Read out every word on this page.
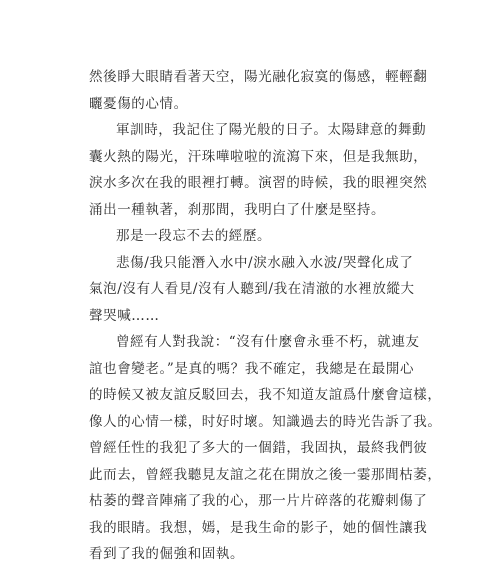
然後睜大眼睛看著天空，陽光融化寂寞的傷感，輕輕翻
曬憂傷的心情。
軍訓時，我記住了陽光般的日子。太陽肆意的舞動
囊火熱的陽光，汗珠嘩啦啦的流瀉下來，但是我無助，
淚水多次在我的眼裡打轉。演習的時候，我的眼裡突然
涌出一種執著，刹那間，我明白了什麼是堅持。
那是一段忘不去的經歷。
悲傷/我只能潛入水中/淚水融入水波/哭聲化成了
氣泡/沒有人看見/沒有人聽到/我在清澈的水裡放縱大
聲哭喊……
曾經有人對我說：“沒有什麼會永垂不朽，就連友
誼也會變老。”是真的嗎？我不確定，我總是在最開心
的時候又被友誼反駁回去，我不知道友誼爲什麼會這樣，
像人的心情一樣，时好时壞。知識過去的時光告訴了我。
曾經任性的我犯了多大的一個錯，我固执，最終我們彼
此而去，曾經我聽見友誼之花在開放之後一霎那間枯萎，
枯萎的聲音陣痛了我的心，那一片片碎落的花瓣刺傷了
我的眼睛。我想，嫣，是我生命的影子，她的個性讓我
看到了我的倔強和固執。
